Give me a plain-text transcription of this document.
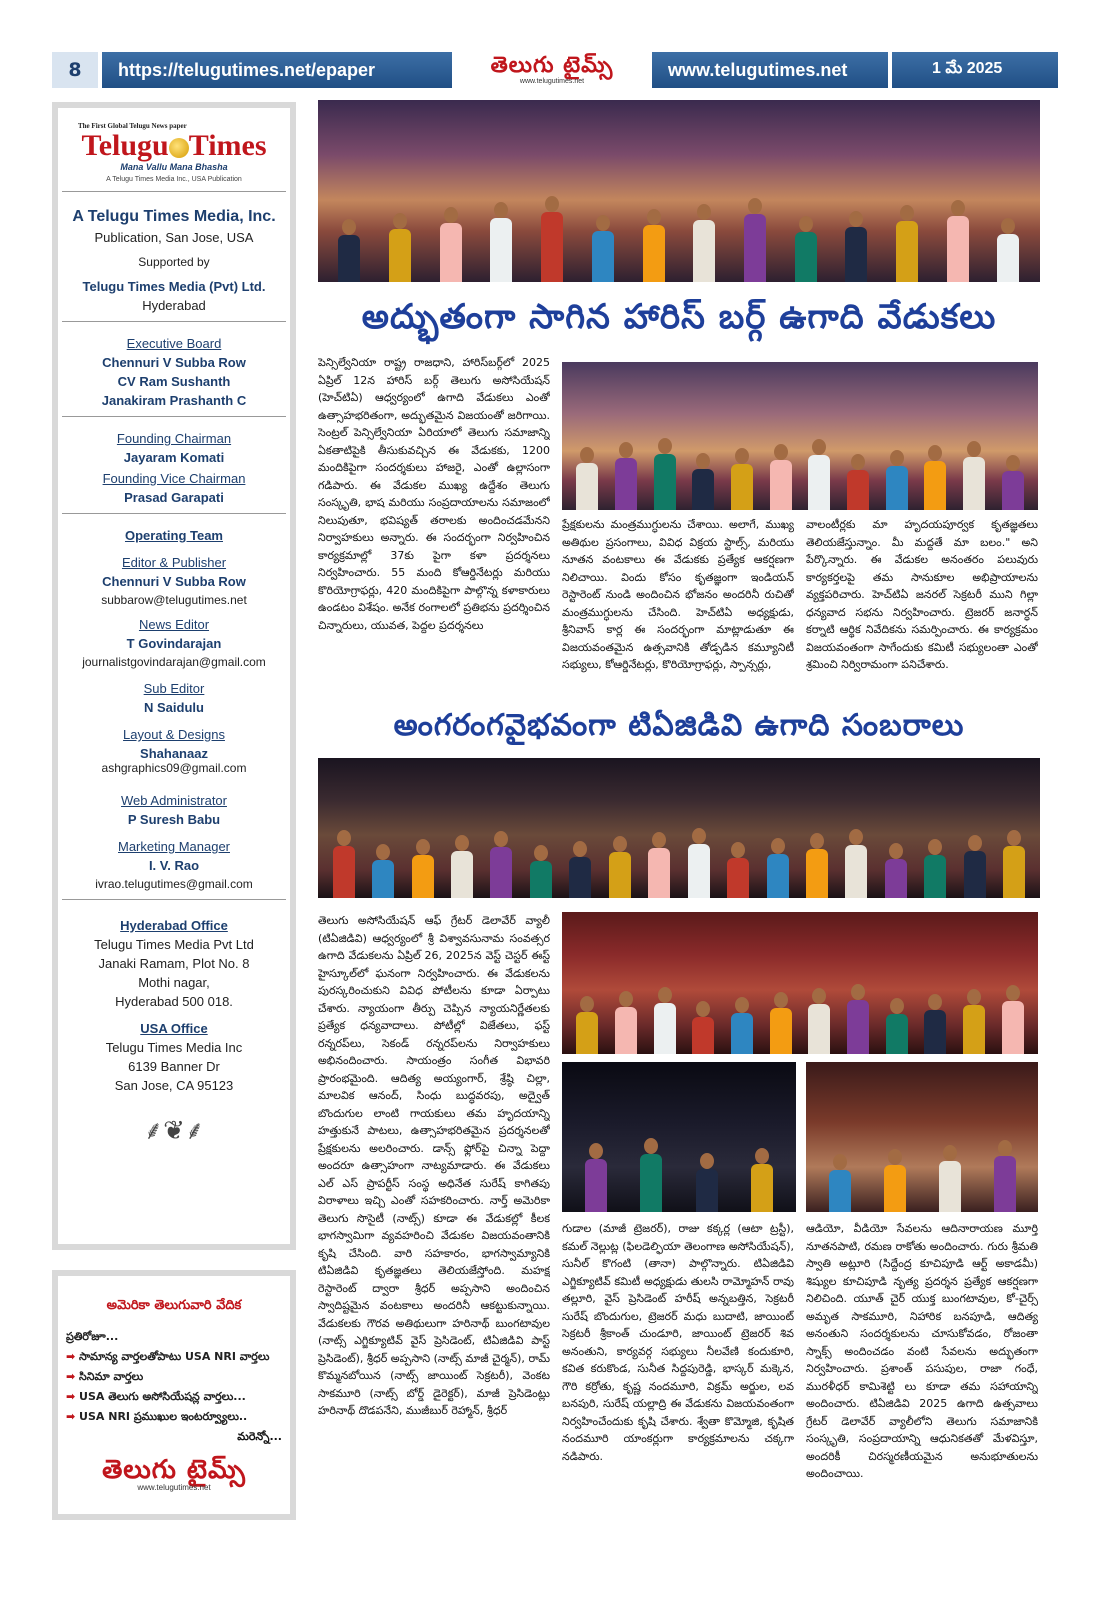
8	https://telugutimes.net/epaper	తెలుగు టైమ్స్
www.telugutimes.net
www.telugutimes.net	1 మే 2025
The First Global Telugu News paper
Telugu Times
Mana Vallu Mana Bhasha
A Telugu Times Media Inc., USA Publication
A Telugu Times Media, Inc.
Publication, San Jose, USA
Supported by
Telugu Times Media (Pvt) Ltd.
Hyderabad
Executive Board
Chennuri V Subba Row
CV Ram Sushanth
Janakiram Prashanth C
Founding Chairman
Jayaram Komati
Founding Vice Chairman
Prasad Garapati
Operating Team
Editor & Publisher
Chennuri V Subba Row
subbarow@telugutimes.net
News Editor
T Govindarajan
journalistgovindarajan@gmail.com
Sub Editor
N Saidulu
Layout & Designs
Shahanaaz
ashgraphics09@gmail.com
Web Administrator
P Suresh Babu
Marketing Manager
I. V. Rao
ivrao.telugutimes@gmail.com
Hyderabad Office
Telugu Times Media Pvt Ltd
Janaki Ramam, Plot No. 8
Mothi nagar,
Hyderabad 500 018.
USA Office
Telugu Times Media Inc
6139 Banner Dr
San Jose, CA 95123
⸙❦⸙
అమెరికా తెలుగువారి వేదిక
ప్రతిరోజూ...
➡ సామాన్య వార్తలతోపాటు USA NRI వార్తలు
➡ సినిమా వార్తలు
➡ USA తెలుగు అసోసియేషన్ల వార్తలు...
➡ USA NRI ప్రముఖుల ఇంటర్వ్యూలు..
మరెన్నో...
తెలుగు టైమ్స్
www.telugutimes.net
అద్భుతంగా సాగిన హారిస్ బర్గ్ ఉగాది వేడుకలు
పెన్సిల్వేనియా రాష్ట్ర రాజధాని, హారిస్‌బర్గ్‌లో 2025 ఏప్రిల్ 12న హారిస్ బర్గ్ తెలుగు అసోసియేషన్ (హెచ్‌టిఏ) ఆధ్వర్యంలో ఉగాది వేడుకలు ఎంతో ఉత్సాహభరితంగా, అద్భుతమైన విజయంతో జరిగాయి. సెంట్రల్ పెన్సిల్వేనియా ఏరియాలో తెలుగు సమాజాన్ని ఏకతాటిపైకి తీసుకువచ్చిన ఈ వేడుకకు, 1200 మందికిపైగా సందర్శకులు హాజరై, ఎంతో ఉల్లాసంగా గడిపారు. ఈ వేడుకల ముఖ్య ఉద్దేశం తెలుగు సంస్కృతి, భాష మరియు సంప్రదాయాలను సమాజంలో నిలుపుతూ, భవిష్యత్ తరాలకు అందించడమేనని నిర్వాహకులు అన్నారు. ఈ సందర్భంగా నిర్వహించిన కార్యక్రమాల్లో 37కు పైగా కళా ప్రదర్శనలు నిర్వహించారు. 55 మంది కోఆర్డినేటర్లు మరియు కొరియోగ్రాఫర్లు, 420 మందికిపైగా పాల్గొన్న కళాకారులు ఉండటం విశేషం. అనేక రంగాలలో ప్రతిభను ప్రదర్శించిన చిన్నారులు, యువత, పెద్దల ప్రదర్శనలు
ప్రేక్షకులను మంత్రముగ్ధులను చేశాయి. అలాగే, ముఖ్య అతిథుల ప్రసంగాలు, వివిధ విక్రయ స్టాల్స్, మరియు నూతన వంటకాలు ఈ వేడుకకు ప్రత్యేక ఆకర్షణగా నిలిచాయి. విందు కోసం కృతజ్ఞంగా ఇండియన్ రెస్టారెంట్ నుండి అందించిన భోజనం అందరినీ రుచితో మంత్రముగ్ధులను చేసింది. హెచ్‌టిఏ అధ్యక్షుడు, శ్రీనివాస్ కార్ల ఈ సందర్భంగా మాట్లాడుతూ ఈ విజయవంతమైన ఉత్సవానికి తోడ్పడిన కమ్యూనిటీ సభ్యులు, కోఆర్డినేటర్లు, కొరియోగ్రాఫర్లు, స్పాన్సర్లు,
వాలంటీర్లకు మా హృదయపూర్వక కృతజ్ఞతలు తెలియజేస్తున్నాం. మీ మద్దతే మా బలం." అని పేర్కొన్నారు. ఈ వేడుకల అనంతరం పలువురు కార్యకర్తలపై తమ సానుకూల అభిప్రాయాలను వ్యక్తపరిచారు. హెచ్‌టిఏ జనరల్ సెక్రటరీ ముని గిల్లా ధన్యవాద సభను నిర్వహించారు. ట్రెజరర్ జనార్ధన్ కర్నాటి ఆర్థిక నివేదికను సమర్పించారు. ఈ కార్యక్రమం విజయవంతంగా సాగేందుకు కమిటీ సభ్యులంతా ఎంతో శ్రమించి నిర్విరామంగా పనిచేశారు.
అంగరంగవైభవంగా టిఏజిడివి ఉగాది సంబరాలు
తెలుగు అసోసియేషన్ ఆఫ్ గ్రేటర్ డెలావేర్ వ్యాలీ (టిఏజిడివి) ఆధ్వర్యంలో శ్రీ విశ్వావసునామ సంవత్సర ఉగాది వేడుకలను ఏప్రిల్ 26, 2025న వెస్ట్ చెస్టర్ ఈస్ట్ హైస్కూల్‌లో ఘనంగా నిర్వహించారు. ఈ వేడుకలను పురస్కరించుకుని వివిధ పోటీలను కూడా ఏర్పాటు చేశారు. న్యాయంగా తీర్పు చెప్పిన న్యాయనిర్ణేతలకు ప్రత్యేక ధన్యవాదాలు. పోటీల్లో విజేతలు, ఫస్ట్ రన్నరప్‌లు, సెకండ్ రన్నరప్‌లను నిర్వాహకులు అభినందించారు. సాయంత్రం సంగీత విభావరి ప్రారంభమైంది. ఆదిత్య అయ్యంగార్, శ్రేష్ఠి చిల్లా, మాలవిక ఆనంద్, సింధు బుద్ధవరపు, అద్వైత్ బొందుగుల లాంటి గాయకులు తమ హృదయాన్ని హత్తుకునే పాటలు, ఉత్సాహభరితమైన ప్రదర్శనలతో ప్రేక్షకులను అలరించారు. డాన్స్ ఫ్లోర్‌పై చిన్నా పెద్దా అందరూ ఉత్సాహంగా నాట్యమాడారు. ఈ వేడుకలు ఎల్ ఎస్ ప్రాపర్టీస్ సంస్థ అధినేత సురేష్ కాగితపు విరాళాలు ఇచ్చి ఎంతో సహకరించారు. నార్త్ అమెరికా తెలుగు సొసైటీ (నాట్స్) కూడా ఈ వేడుకల్లో కీలక భాగస్వామిగా వ్యవహరించి వేడుకల విజయవంతానికి కృషి చేసింది. వారి సహకారం, భాగస్వామ్యానికి టిఏజిడివి కృతజ్ఞతలు తెలియజేస్తోంది. మహక్ష రెస్టారెంట్ ద్వారా శ్రీధర్ అప్పసాని అందించిన స్వాదిష్టమైన వంటకాలు అందరినీ ఆకట్టుకున్నాయి. వేడుకలకు గౌరవ అతిథులుగా హరినాథ్ బుంగటావుల (నాట్స్ ఎగ్జిక్యూటివ్ వైస్ ప్రెసిడెంట్, టిఏజిడివి పాస్ట్ ప్రెసిడెంట్), శ్రీధర్ అప్పసాని (నాట్స్ మాజీ చైర్మన్), రామ్ కొమ్మనబోయిన (నాట్స్ జాయింట్ సెక్రటరీ), వెంకట సాకమూరి (నాట్స్ బోర్డ్ డైరెక్టర్), మాజీ ప్రెసిడెంట్లు హరినాథ్ దొడపనేని, ముజీబుర్ రెహ్మాన్, శ్రీధర్
గుడాల (మాజీ ట్రెజరర్), రాజు కక్కర్ల (ఆటా ట్రస్టీ), కమల్ నెల్లుట్ల (ఫిలడెల్ఫియా తెలంగాణ అసోసియేషన్), సునీల్ కొగంటి (తానా) పాల్గొన్నారు. టిఏజిడివి ఎగ్జిక్యూటివ్ కమిటీ అధ్యక్షుడు తులసి రామ్మోహన్ రావు తల్లూరి, వైస్ ప్రెసిడెంట్ హరీష్ అన్నబత్తిన, సెక్రటరీ సురేష్ బొందుగుల, ట్రెజరర్ మధు బుదాటి, జాయింట్ సెక్రటరీ శ్రీకాంత్ చుండూరి, జాయింట్ ట్రెజరర్ శివ అనంతుని, కార్యవర్గ సభ్యులు నీలవేణి కందుకూరి, కవిత కరుకొండ, సునీత సిద్దపురెడ్డి, భాస్కర్ మక్కెన, గౌరి కర్రోతు, కృష్ణ నందమూరి, విక్రమ్ అర్జుల, లవ బనపురి, సురేష్ యల్లాద్రి ఈ వేడుకను విజయవంతంగా నిర్వహించేందుకు కృషి చేశారు. శ్వేతా కొమ్మోజి, కృషిత నందమూరి యాంకర్లుగా కార్యక్రమాలను చక్కగా నడిపారు.
ఆడియో, వీడియో సేవలను ఆదినారాయణ మూర్తి నూతనపాటి, రమణ రాకోతు అందించారు. గురు శ్రీమతి స్వాతి అట్లూరి (సిద్దేంద్ర కూచిపూడి ఆర్ట్ అకాడమీ) శిష్యుల కూచిపూడి నృత్య ప్రదర్శన ప్రత్యేక ఆకర్షణగా నిలిచింది. యూత్ చైర్ యుక్త బుంగటావుల, కో-చైర్స్ అమృత సాకమూరి, నిహారిక బనపూడి, ఆదిత్య అనంతుని సందర్శకులను చూసుకోవడం, రోజంతా స్నాక్స్ అందించడం వంటి సేవలను అద్భుతంగా నిర్వహించారు. ప్రశాంత్ పసుపుల, రాజా గంధే, మురళీధర్ కామిశెట్టి లు కూడా తమ సహాయాన్ని అందించారు. టిఏజిడివి 2025 ఉగాది ఉత్సవాలు గ్రేటర్ డెలావేర్ వ్యాలీలోని తెలుగు సమాజానికి సంస్కృతి, సంప్రదాయాన్ని ఆధునికతతో మేళవిస్తూ, అందరికీ చిరస్మరణీయమైన అనుభూతులను అందించాయి.
